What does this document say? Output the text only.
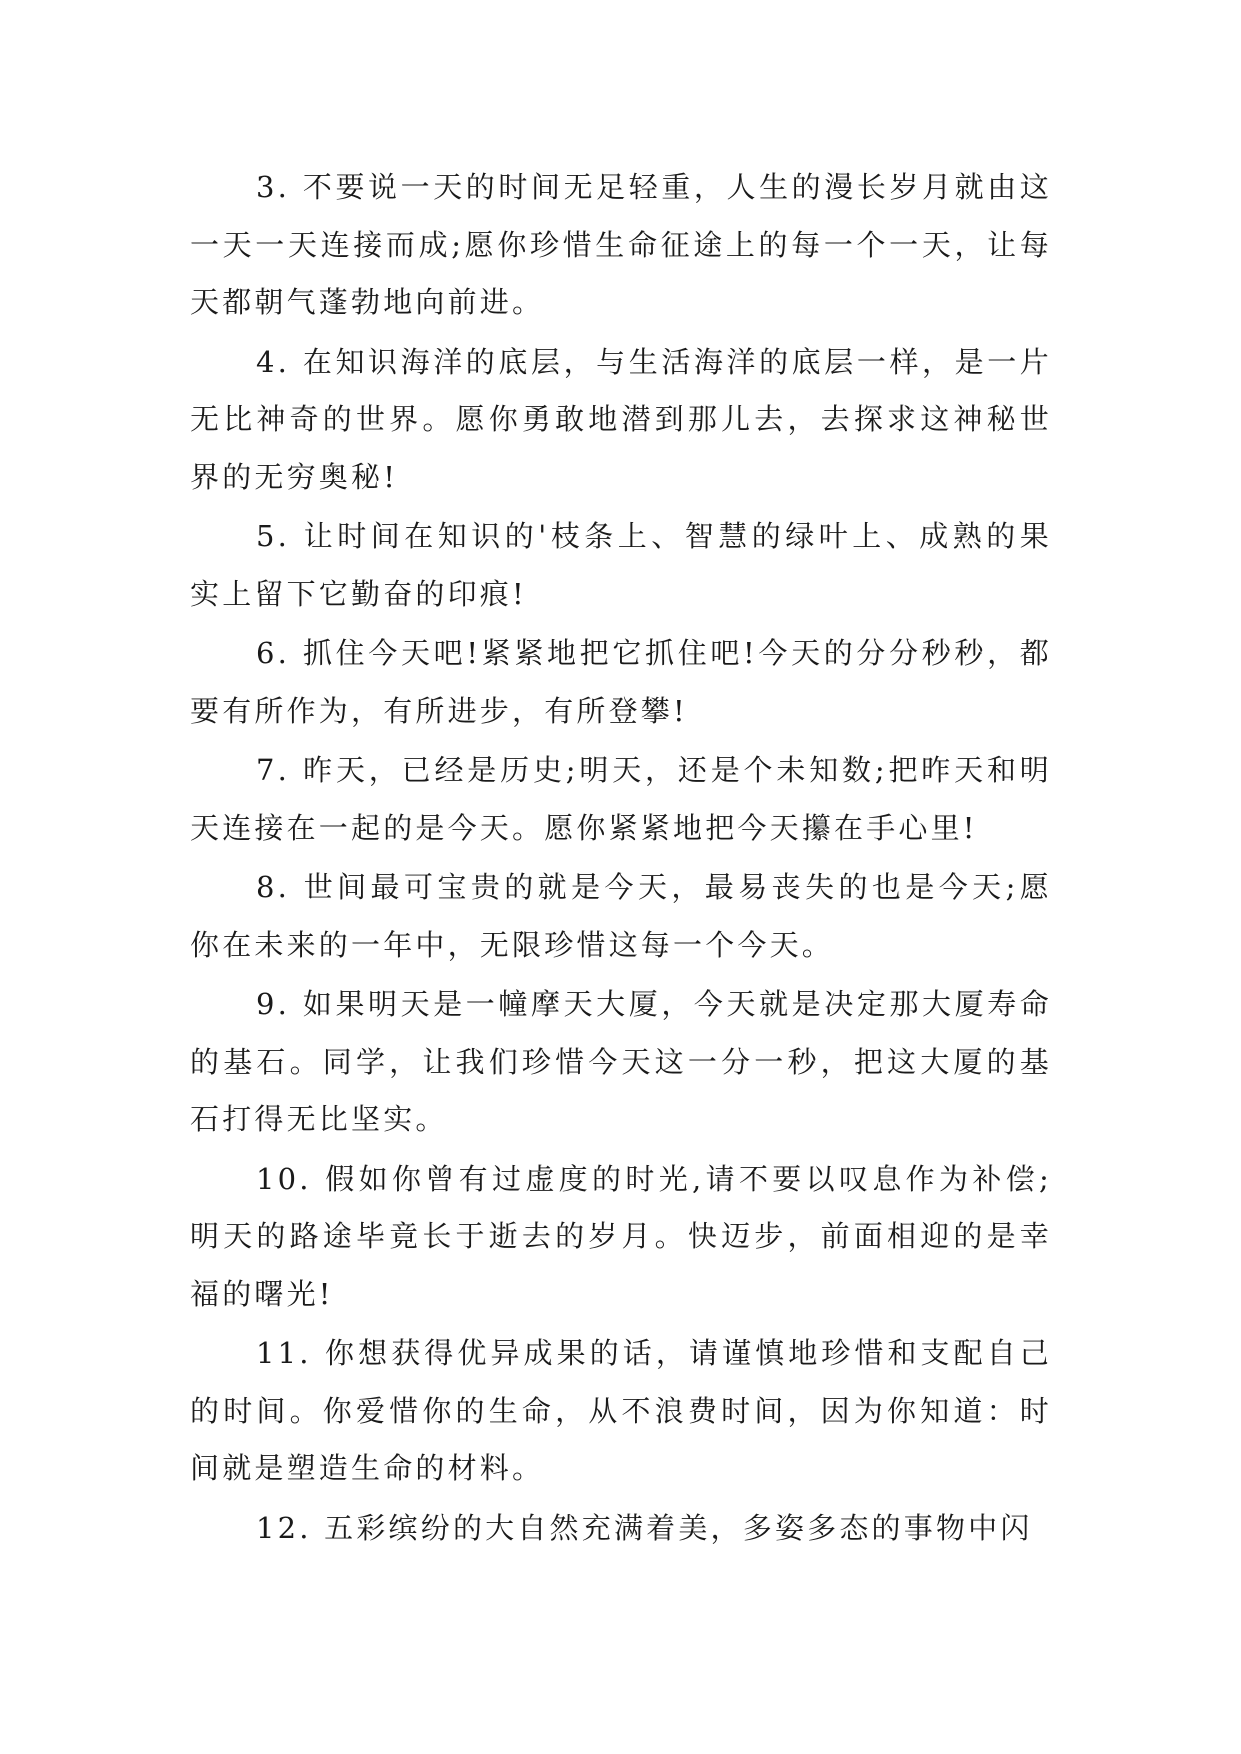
3. 不要说一天的时间无足轻重，人生的漫长岁月就由这一天一天连接而成;愿你珍惜生命征途上的每一个一天，让每天都朝气蓬勃地向前进。

4. 在知识海洋的底层，与生活海洋的底层一样，是一片无比神奇的世界。愿你勇敢地潜到那儿去，去探求这神秘世界的无穷奥秘!

5. 让时间在知识的'枝条上、智慧的绿叶上、成熟的果实上留下它勤奋的印痕!

6. 抓住今天吧!紧紧地把它抓住吧!今天的分分秒秒，都要有所作为，有所进步，有所登攀!

7. 昨天，已经是历史;明天，还是个未知数;把昨天和明天连接在一起的是今天。愿你紧紧地把今天攥在手心里!

8. 世间最可宝贵的就是今天，最易丧失的也是今天;愿你在未来的一年中，无限珍惜这每一个今天。

9. 如果明天是一幢摩天大厦，今天就是决定那大厦寿命的基石。同学，让我们珍惜今天这一分一秒，把这大厦的基石打得无比坚实。

10. 假如你曾有过虚度的时光,请不要以叹息作为补偿;明天的路途毕竟长于逝去的岁月。快迈步，前面相迎的是幸福的曙光!

11. 你想获得优异成果的话，请谨慎地珍惜和支配自己的时间。你爱惜你的生命，从不浪费时间，因为你知道：时间就是塑造生命的材料。

12. 五彩缤纷的大自然充满着美，多姿多态的事物中闪
